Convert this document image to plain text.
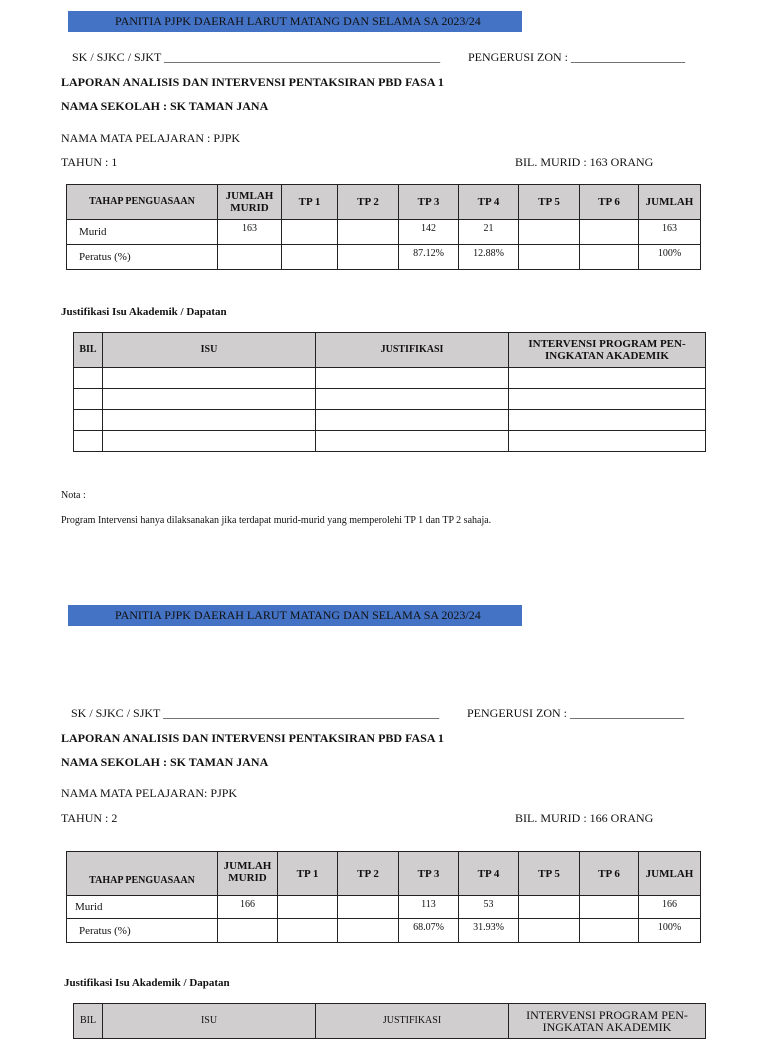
PANITIA PJPK DAERAH LARUT MATANG DAN SELAMA SA 2023/24
SK / SJKC / SJKT ______________________________________________ PENGERUSI ZON : ___________________
LAPORAN ANALISIS DAN INTERVENSI PENTAKSIRAN PBD FASA 1
NAMA SEKOLAH : SK TAMAN JANA
NAMA MATA PELAJARAN : PJPK
TAHUN : 1	BIL. MURID : 163 ORANG
TAHAP PENGUASAAN	JUMLAH MURID	TP 1	TP 2	TP 3	TP 4	TP 5	TP 6	JUMLAH
Murid	163			142	21			163
Peratus (%)				87.12%	12.88%			100%
Justifikasi Isu Akademik / Dapatan
BIL	ISU	JUSTIFIKASI	INTERVENSI PROGRAM PEN-INGKATAN AKADEMIK

Nota :
Program Intervensi hanya dilaksanakan jika terdapat murid-murid yang memperolehi TP 1 dan TP 2 sahaja.
PANITIA PJPK DAERAH LARUT MATANG DAN SELAMA SA 2023/24
SK / SJKC / SJKT ______________________________________________ PENGERUSI ZON : ___________________
LAPORAN ANALISIS DAN INTERVENSI PENTAKSIRAN PBD FASA 1
NAMA SEKOLAH : SK TAMAN JANA
NAMA MATA PELAJARAN: PJPK
TAHUN : 2	BIL. MURID : 166 ORANG
TAHAP PENGUASAAN	JUMLAH MURID	TP 1	TP 2	TP 3	TP 4	TP 5	TP 6	JUMLAH
Murid	166			113	53			166
Peratus (%)				68.07%	31.93%			100%
Justifikasi Isu Akademik / Dapatan
BIL	ISU	JUSTIFIKASI	INTERVENSI PROGRAM PEN-INGKATAN AKADEMIK
